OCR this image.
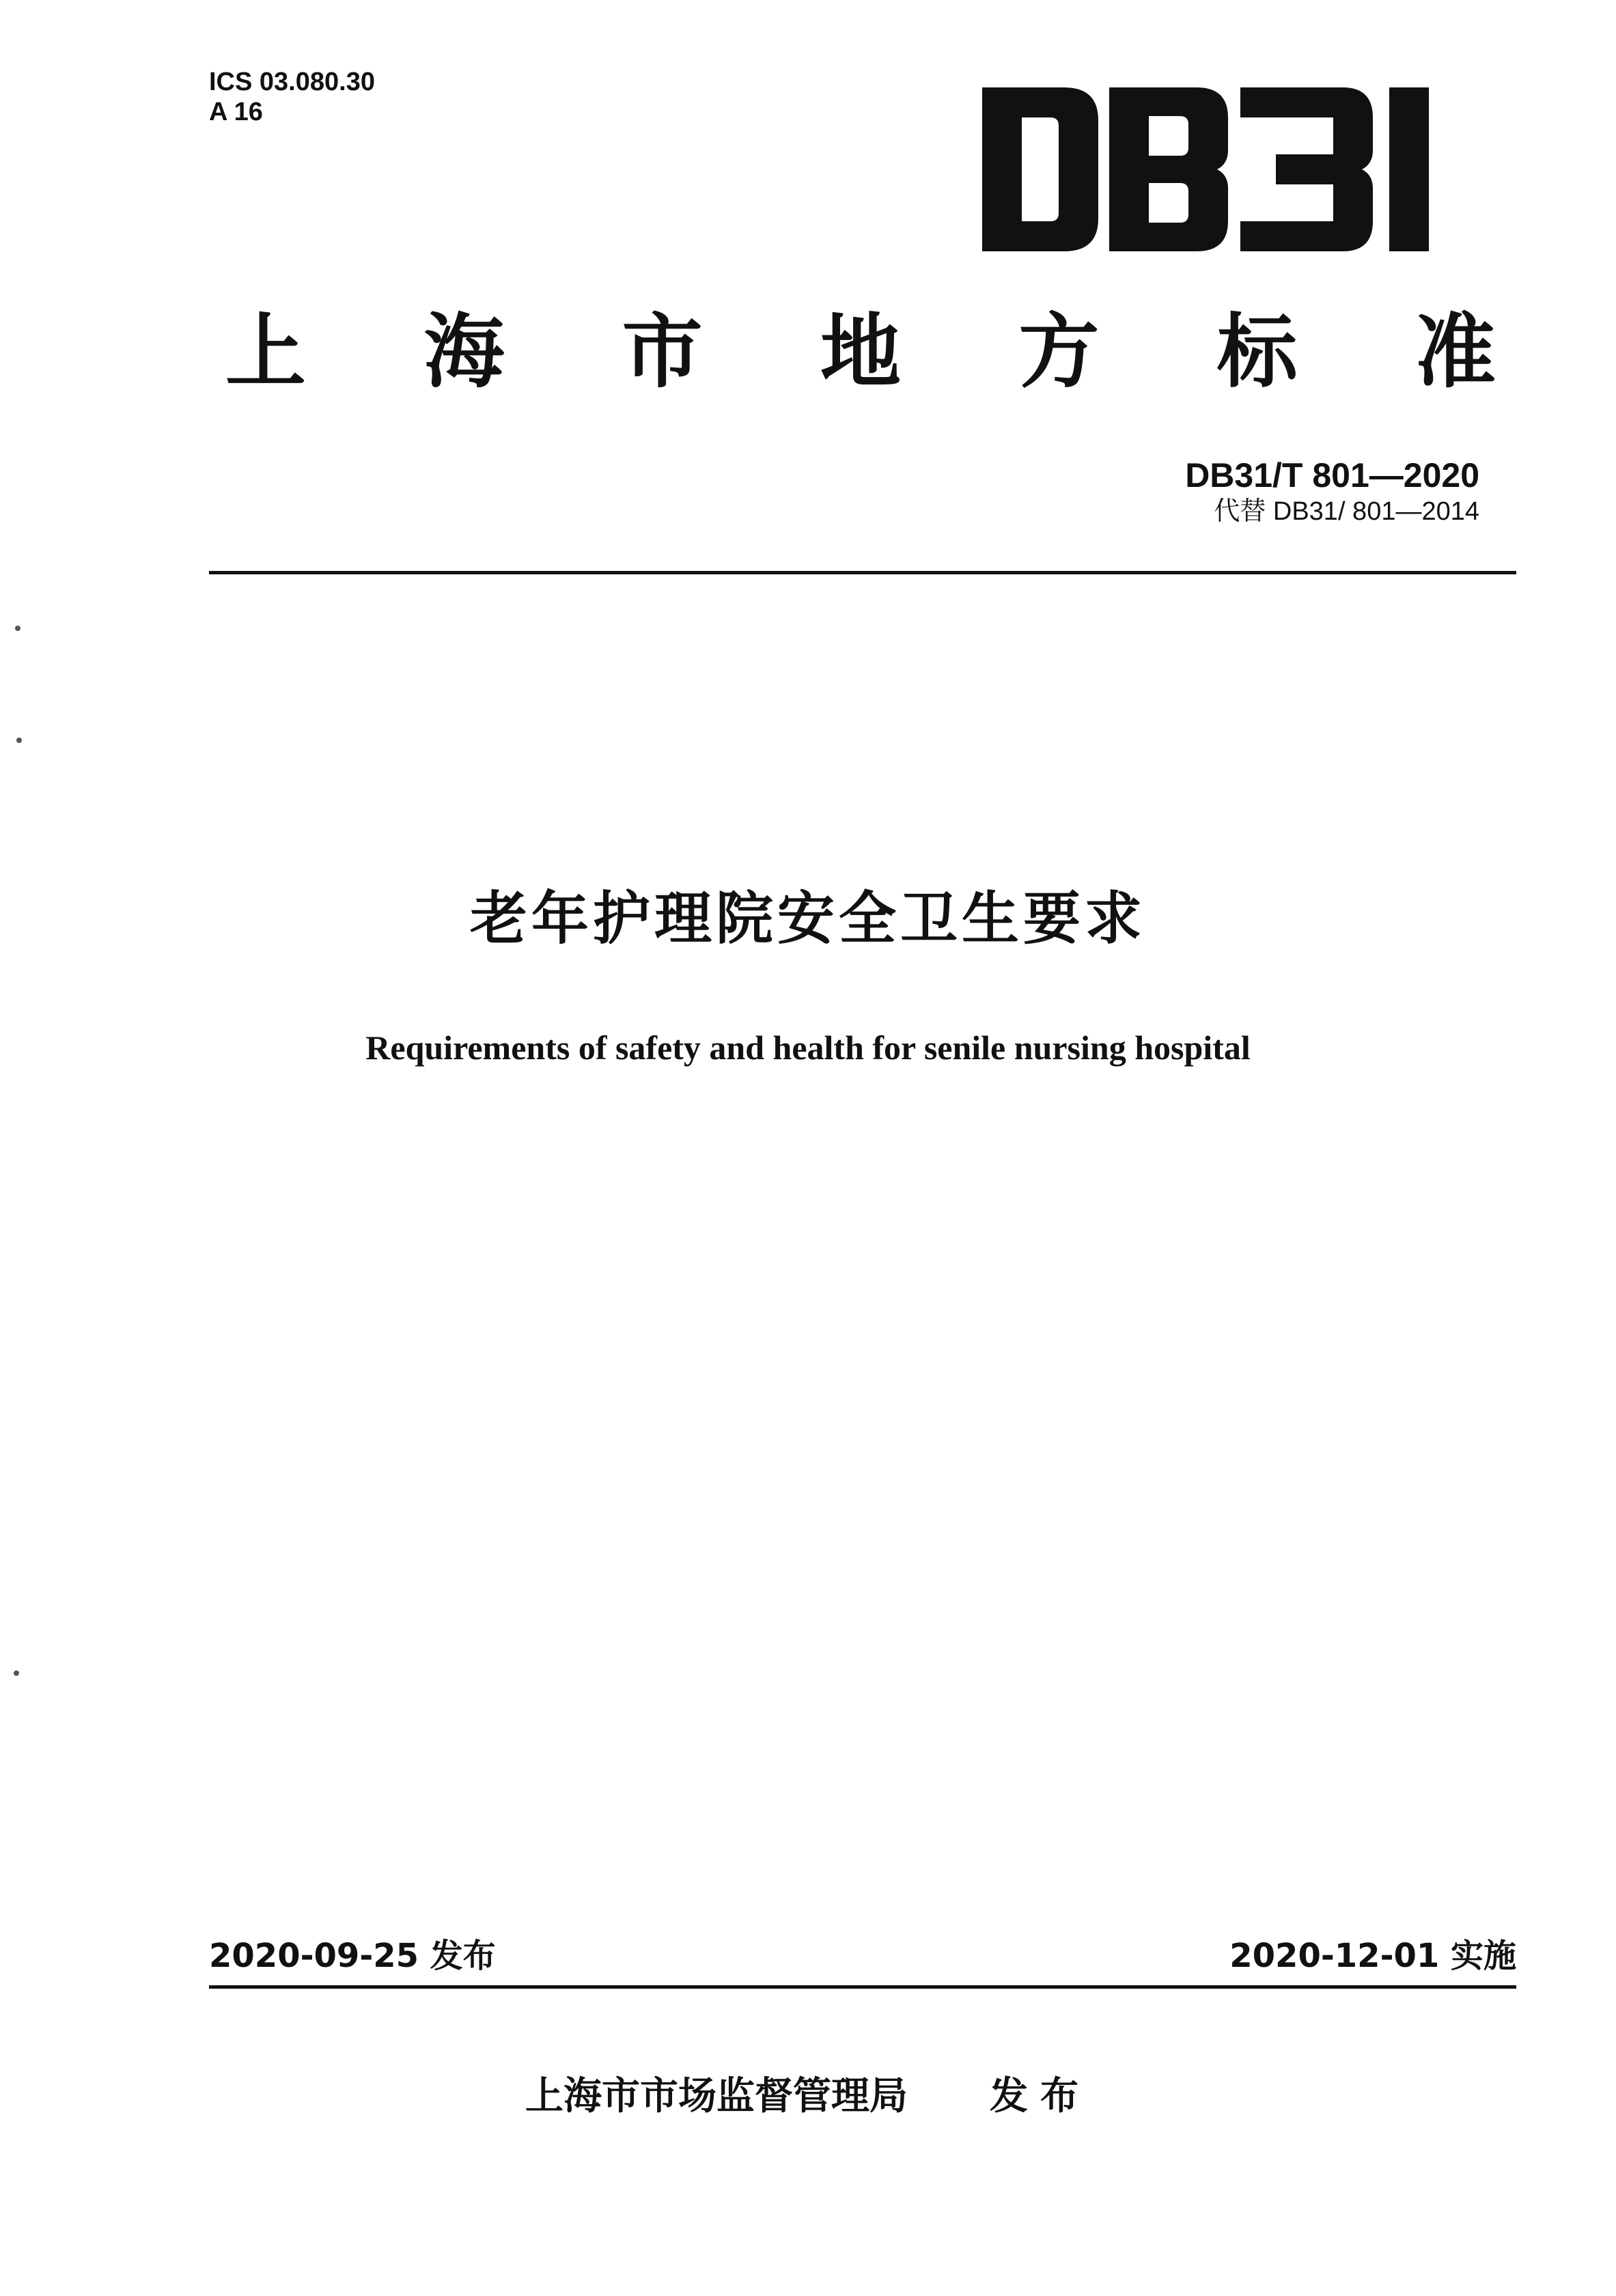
ICS 03.080.30
A 16
上 海 市 地 方 标 准
DB31/T 801—2020
代替 DB31/ 801—2014
老年护理院安全卫生要求
Requirements of safety and health for senile nursing hospital
2020-09-25 发布	2020-12-01 实施
上海市市场监督管理局 发布
